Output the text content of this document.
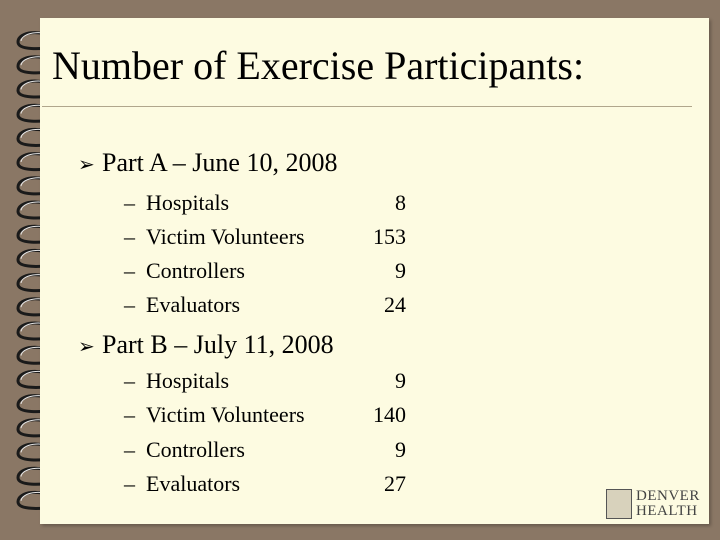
Number of Exercise Participants:
➢ Part A – June 10, 2008
– Hospitals	8
– Victim Volunteers	153
– Controllers	9
– Evaluators	24
➢ Part B – July 11, 2008
– Hospitals	9
– Victim Volunteers	140
– Controllers	9
– Evaluators	27	DENVER
HEALTH
